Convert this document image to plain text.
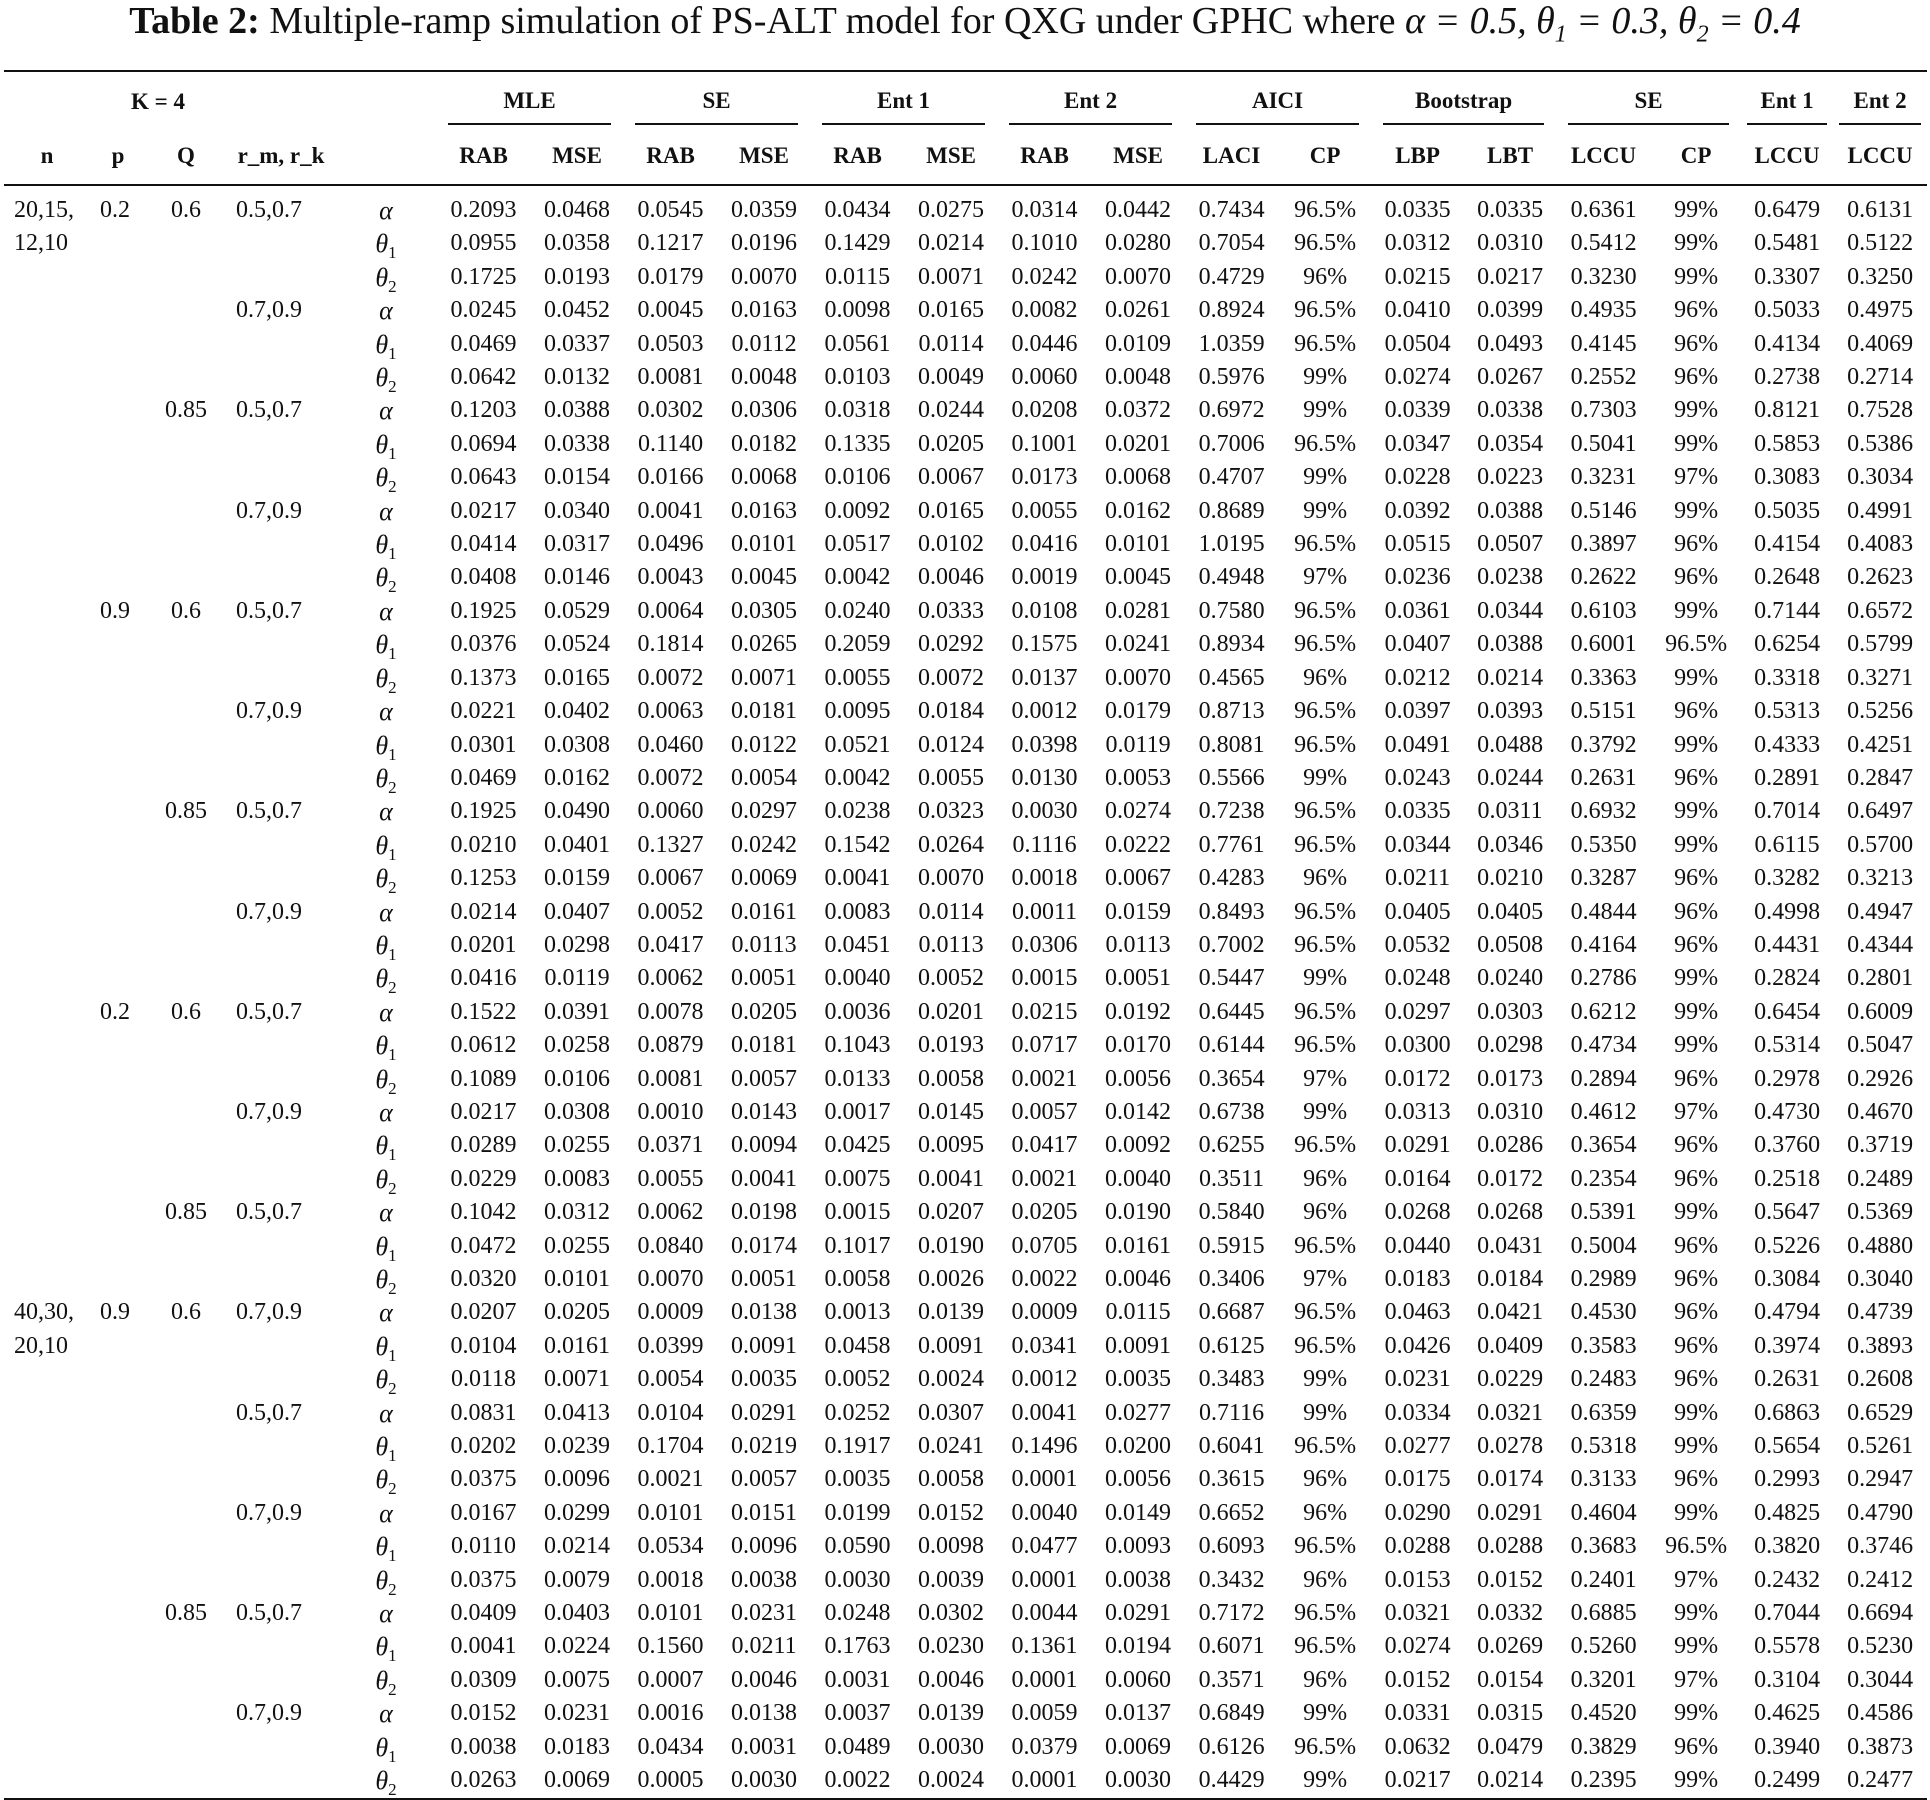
Table 2: Multiple-ramp simulation of PS-ALT model for QXG under GPHC where α = 0.5, $\theta_1 = 0.3$, $\theta_2 = 0.4$
	K = 4				MLE		SE		Ent 1		Ent 2		AICI		Bootstrap		SE		Ent 1	Ent 2

n	p	Q	r_m, r_k		RAB	MSE	RAB	MSE	RAB	MSE	RAB	MSE	LACI	CP	LBP	LBT	LCCU	CP	LCCU	LCCU
20,15,	0.2	0.6	0.5,0.7	α	0.2093	0.0468	0.0545	0.0359	0.0434	0.0275	0.0314	0.0442	0.7434	96.5%	0.0335	0.0335	0.6361	99%	0.6479	0.6131
12,10				$\theta_1$	0.0955	0.0358	0.1217	0.0196	0.1429	0.0214	0.1010	0.0280	0.7054	96.5%	0.0312	0.0310	0.5412	99%	0.5481	0.5122
				$\theta_2$	0.1725	0.0193	0.0179	0.0070	0.0115	0.0071	0.0242	0.0070	0.4729	96%	0.0215	0.0217	0.3230	99%	0.3307	0.3250
			0.7,0.9	α	0.0245	0.0452	0.0045	0.0163	0.0098	0.0165	0.0082	0.0261	0.8924	96.5%	0.0410	0.0399	0.4935	96%	0.5033	0.4975
				$\theta_1$	0.0469	0.0337	0.0503	0.0112	0.0561	0.0114	0.0446	0.0109	1.0359	96.5%	0.0504	0.0493	0.4145	96%	0.4134	0.4069
				$\theta_2$	0.0642	0.0132	0.0081	0.0048	0.0103	0.0049	0.0060	0.0048	0.5976	99%	0.0274	0.0267	0.2552	96%	0.2738	0.2714
		0.85	0.5,0.7	α	0.1203	0.0388	0.0302	0.0306	0.0318	0.0244	0.0208	0.0372	0.6972	99%	0.0339	0.0338	0.7303	99%	0.8121	0.7528
				$\theta_1$	0.0694	0.0338	0.1140	0.0182	0.1335	0.0205	0.1001	0.0201	0.7006	96.5%	0.0347	0.0354	0.5041	99%	0.5853	0.5386
				$\theta_2$	0.0643	0.0154	0.0166	0.0068	0.0106	0.0067	0.0173	0.0068	0.4707	99%	0.0228	0.0223	0.3231	97%	0.3083	0.3034
			0.7,0.9	α	0.0217	0.0340	0.0041	0.0163	0.0092	0.0165	0.0055	0.0162	0.8689	99%	0.0392	0.0388	0.5146	99%	0.5035	0.4991
				$\theta_1$	0.0414	0.0317	0.0496	0.0101	0.0517	0.0102	0.0416	0.0101	1.0195	96.5%	0.0515	0.0507	0.3897	96%	0.4154	0.4083
				$\theta_2$	0.0408	0.0146	0.0043	0.0045	0.0042	0.0046	0.0019	0.0045	0.4948	97%	0.0236	0.0238	0.2622	96%	0.2648	0.2623
	0.9	0.6	0.5,0.7	α	0.1925	0.0529	0.0064	0.0305	0.0240	0.0333	0.0108	0.0281	0.7580	96.5%	0.0361	0.0344	0.6103	99%	0.7144	0.6572
				$\theta_1$	0.0376	0.0524	0.1814	0.0265	0.2059	0.0292	0.1575	0.0241	0.8934	96.5%	0.0407	0.0388	0.6001	96.5%	0.6254	0.5799
				$\theta_2$	0.1373	0.0165	0.0072	0.0071	0.0055	0.0072	0.0137	0.0070	0.4565	96%	0.0212	0.0214	0.3363	99%	0.3318	0.3271
			0.7,0.9	α	0.0221	0.0402	0.0063	0.0181	0.0095	0.0184	0.0012	0.0179	0.8713	96.5%	0.0397	0.0393	0.5151	96%	0.5313	0.5256
				$\theta_1$	0.0301	0.0308	0.0460	0.0122	0.0521	0.0124	0.0398	0.0119	0.8081	96.5%	0.0491	0.0488	0.3792	99%	0.4333	0.4251
				$\theta_2$	0.0469	0.0162	0.0072	0.0054	0.0042	0.0055	0.0130	0.0053	0.5566	99%	0.0243	0.0244	0.2631	96%	0.2891	0.2847
		0.85	0.5,0.7	α	0.1925	0.0490	0.0060	0.0297	0.0238	0.0323	0.0030	0.0274	0.7238	96.5%	0.0335	0.0311	0.6932	99%	0.7014	0.6497
				$\theta_1$	0.0210	0.0401	0.1327	0.0242	0.1542	0.0264	0.1116	0.0222	0.7761	96.5%	0.0344	0.0346	0.5350	99%	0.6115	0.5700
				$\theta_2$	0.1253	0.0159	0.0067	0.0069	0.0041	0.0070	0.0018	0.0067	0.4283	96%	0.0211	0.0210	0.3287	96%	0.3282	0.3213
			0.7,0.9	α	0.0214	0.0407	0.0052	0.0161	0.0083	0.0114	0.0011	0.0159	0.8493	96.5%	0.0405	0.0405	0.4844	96%	0.4998	0.4947
				$\theta_1$	0.0201	0.0298	0.0417	0.0113	0.0451	0.0113	0.0306	0.0113	0.7002	96.5%	0.0532	0.0508	0.4164	96%	0.4431	0.4344
				$\theta_2$	0.0416	0.0119	0.0062	0.0051	0.0040	0.0052	0.0015	0.0051	0.5447	99%	0.0248	0.0240	0.2786	99%	0.2824	0.2801
	0.2	0.6	0.5,0.7	α	0.1522	0.0391	0.0078	0.0205	0.0036	0.0201	0.0215	0.0192	0.6445	96.5%	0.0297	0.0303	0.6212	99%	0.6454	0.6009
				$\theta_1$	0.0612	0.0258	0.0879	0.0181	0.1043	0.0193	0.0717	0.0170	0.6144	96.5%	0.0300	0.0298	0.4734	99%	0.5314	0.5047
				$\theta_2$	0.1089	0.0106	0.0081	0.0057	0.0133	0.0058	0.0021	0.0056	0.3654	97%	0.0172	0.0173	0.2894	96%	0.2978	0.2926
			0.7,0.9	α	0.0217	0.0308	0.0010	0.0143	0.0017	0.0145	0.0057	0.0142	0.6738	99%	0.0313	0.0310	0.4612	97%	0.4730	0.4670
				$\theta_1$	0.0289	0.0255	0.0371	0.0094	0.0425	0.0095	0.0417	0.0092	0.6255	96.5%	0.0291	0.0286	0.3654	96%	0.3760	0.3719
				$\theta_2$	0.0229	0.0083	0.0055	0.0041	0.0075	0.0041	0.0021	0.0040	0.3511	96%	0.0164	0.0172	0.2354	96%	0.2518	0.2489
		0.85	0.5,0.7	α	0.1042	0.0312	0.0062	0.0198	0.0015	0.0207	0.0205	0.0190	0.5840	96%	0.0268	0.0268	0.5391	99%	0.5647	0.5369
				$\theta_1$	0.0472	0.0255	0.0840	0.0174	0.1017	0.0190	0.0705	0.0161	0.5915	96.5%	0.0440	0.0431	0.5004	96%	0.5226	0.4880
				$\theta_2$	0.0320	0.0101	0.0070	0.0051	0.0058	0.0026	0.0022	0.0046	0.3406	97%	0.0183	0.0184	0.2989	96%	0.3084	0.3040
40,30,	0.9	0.6	0.7,0.9	α	0.0207	0.0205	0.0009	0.0138	0.0013	0.0139	0.0009	0.0115	0.6687	96.5%	0.0463	0.0421	0.4530	96%	0.4794	0.4739
20,10				$\theta_1$	0.0104	0.0161	0.0399	0.0091	0.0458	0.0091	0.0341	0.0091	0.6125	96.5%	0.0426	0.0409	0.3583	96%	0.3974	0.3893
				$\theta_2$	0.0118	0.0071	0.0054	0.0035	0.0052	0.0024	0.0012	0.0035	0.3483	99%	0.0231	0.0229	0.2483	96%	0.2631	0.2608
			0.5,0.7	α	0.0831	0.0413	0.0104	0.0291	0.0252	0.0307	0.0041	0.0277	0.7116	99%	0.0334	0.0321	0.6359	99%	0.6863	0.6529
				$\theta_1$	0.0202	0.0239	0.1704	0.0219	0.1917	0.0241	0.1496	0.0200	0.6041	96.5%	0.0277	0.0278	0.5318	99%	0.5654	0.5261
				$\theta_2$	0.0375	0.0096	0.0021	0.0057	0.0035	0.0058	0.0001	0.0056	0.3615	96%	0.0175	0.0174	0.3133	96%	0.2993	0.2947
			0.7,0.9	α	0.0167	0.0299	0.0101	0.0151	0.0199	0.0152	0.0040	0.0149	0.6652	96%	0.0290	0.0291	0.4604	99%	0.4825	0.4790
				$\theta_1$	0.0110	0.0214	0.0534	0.0096	0.0590	0.0098	0.0477	0.0093	0.6093	96.5%	0.0288	0.0288	0.3683	96.5%	0.3820	0.3746
				$\theta_2$	0.0375	0.0079	0.0018	0.0038	0.0030	0.0039	0.0001	0.0038	0.3432	96%	0.0153	0.0152	0.2401	97%	0.2432	0.2412
		0.85	0.5,0.7	α	0.0409	0.0403	0.0101	0.0231	0.0248	0.0302	0.0044	0.0291	0.7172	96.5%	0.0321	0.0332	0.6885	99%	0.7044	0.6694
				$\theta_1$	0.0041	0.0224	0.1560	0.0211	0.1763	0.0230	0.1361	0.0194	0.6071	96.5%	0.0274	0.0269	0.5260	99%	0.5578	0.5230
				$\theta_2$	0.0309	0.0075	0.0007	0.0046	0.0031	0.0046	0.0001	0.0060	0.3571	96%	0.0152	0.0154	0.3201	97%	0.3104	0.3044
			0.7,0.9	α	0.0152	0.0231	0.0016	0.0138	0.0037	0.0139	0.0059	0.0137	0.6849	99%	0.0331	0.0315	0.4520	99%	0.4625	0.4586
				$\theta_1$	0.0038	0.0183	0.0434	0.0031	0.0489	0.0030	0.0379	0.0069	0.6126	96.5%	0.0632	0.0479	0.3829	96%	0.3940	0.3873
				$\theta_2$	0.0263	0.0069	0.0005	0.0030	0.0022	0.0024	0.0001	0.0030	0.4429	99%	0.0217	0.0214	0.2395	99%	0.2499	0.2477
